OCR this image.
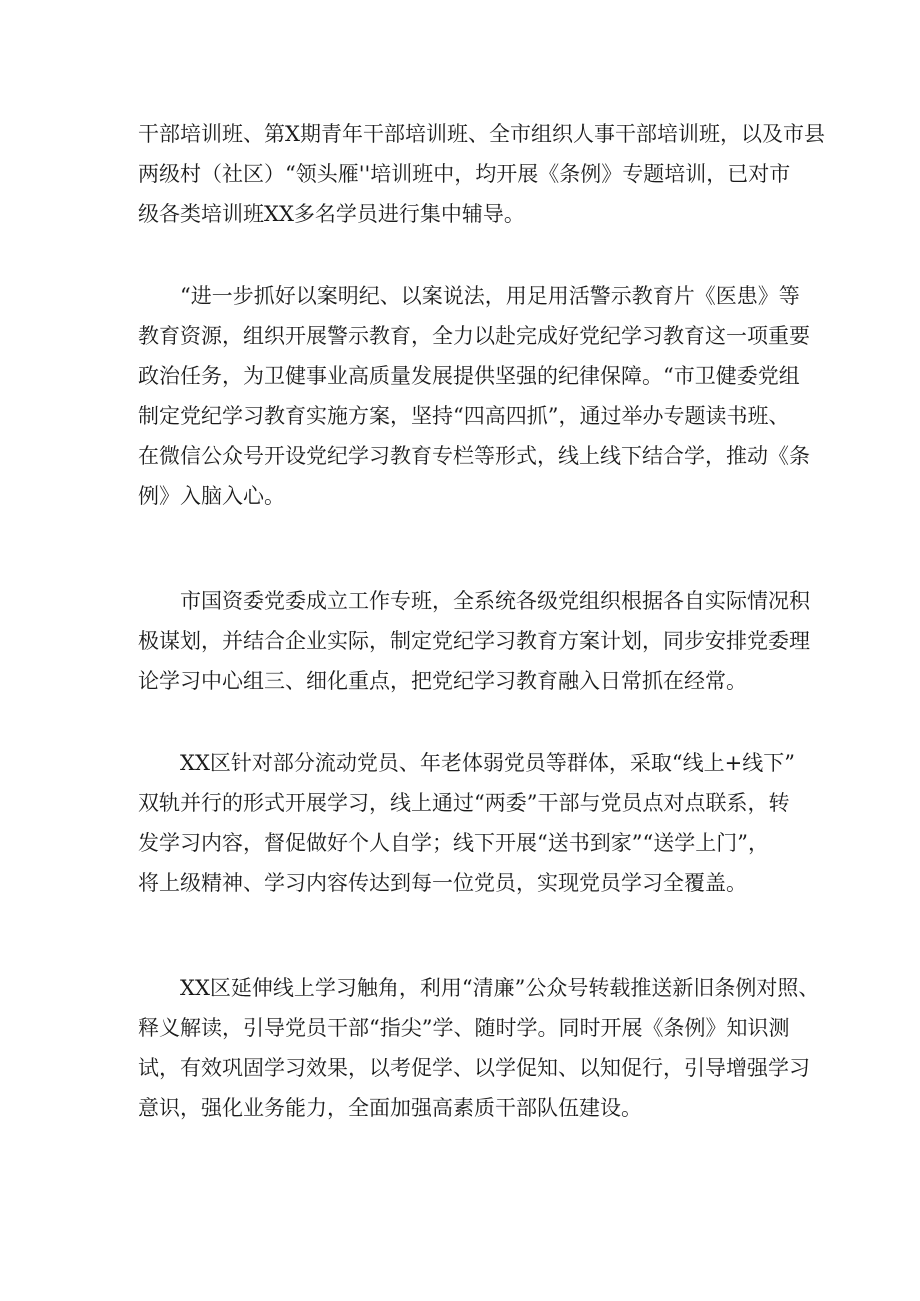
干部培训班、第X期青年干部培训班、全市组织人事干部培训班，以及市县
两级村（社区）“领头雁''培训班中，均开展《条例》专题培训，已对市
级各类培训班XX多名学员进行集中辅导。

　　“进一步抓好以案明纪、以案说法，用足用活警示教育片《医患》等
教育资源，组织开展警示教育，全力以赴完成好党纪学习教育这一项重要
政治任务，为卫健事业高质量发展提供坚强的纪律保障。“市卫健委党组
制定党纪学习教育实施方案，坚持“四高四抓”，通过举办专题读书班、
在微信公众号开设党纪学习教育专栏等形式，线上线下结合学，推动《条
例》入脑入心。

　　市国资委党委成立工作专班，全系统各级党组织根据各自实际情况积
极谋划，并结合企业实际，制定党纪学习教育方案计划，同步安排党委理
论学习中心组三、细化重点，把党纪学习教育融入日常抓在经常。

　　XX区针对部分流动党员、年老体弱党员等群体，采取“线上+线下”
双轨并行的形式开展学习，线上通过“两委”干部与党员点对点联系，转
发学习内容，督促做好个人自学；线下开展“送书到家”“送学上门”，
将上级精神、学习内容传达到每一位党员，实现党员学习全覆盖。

　　XX区延伸线上学习触角，利用“清廉”公众号转载推送新旧条例对照、
释义解读，引导党员干部“指尖”学、随时学。同时开展《条例》知识测
试，有效巩固学习效果，以考促学、以学促知、以知促行，引导增强学习
意识，强化业务能力，全面加强高素质干部队伍建设。
